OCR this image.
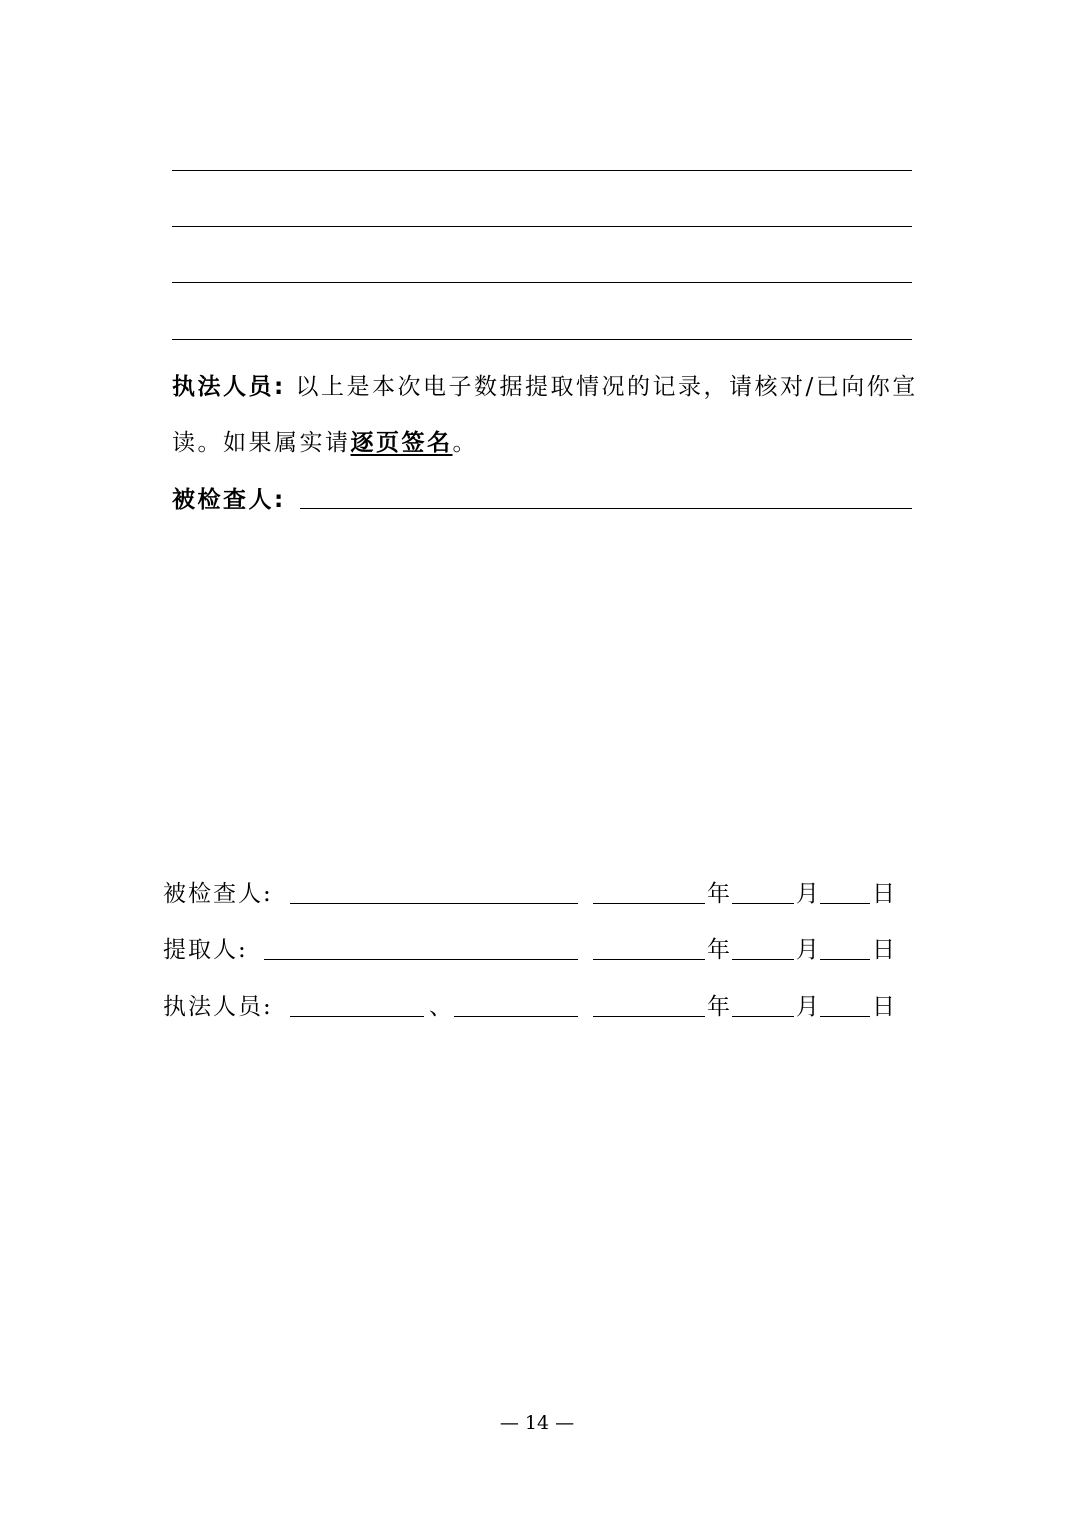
执法人员: 以上是本次电子数据提取情况的记录，请核对/已向你宣
读。如果属实请逐页签名。
被检查人:
被检查人:	年	月 日
提取人:	年	月 日
执法人员:	、	年	月 日
— 14 —
